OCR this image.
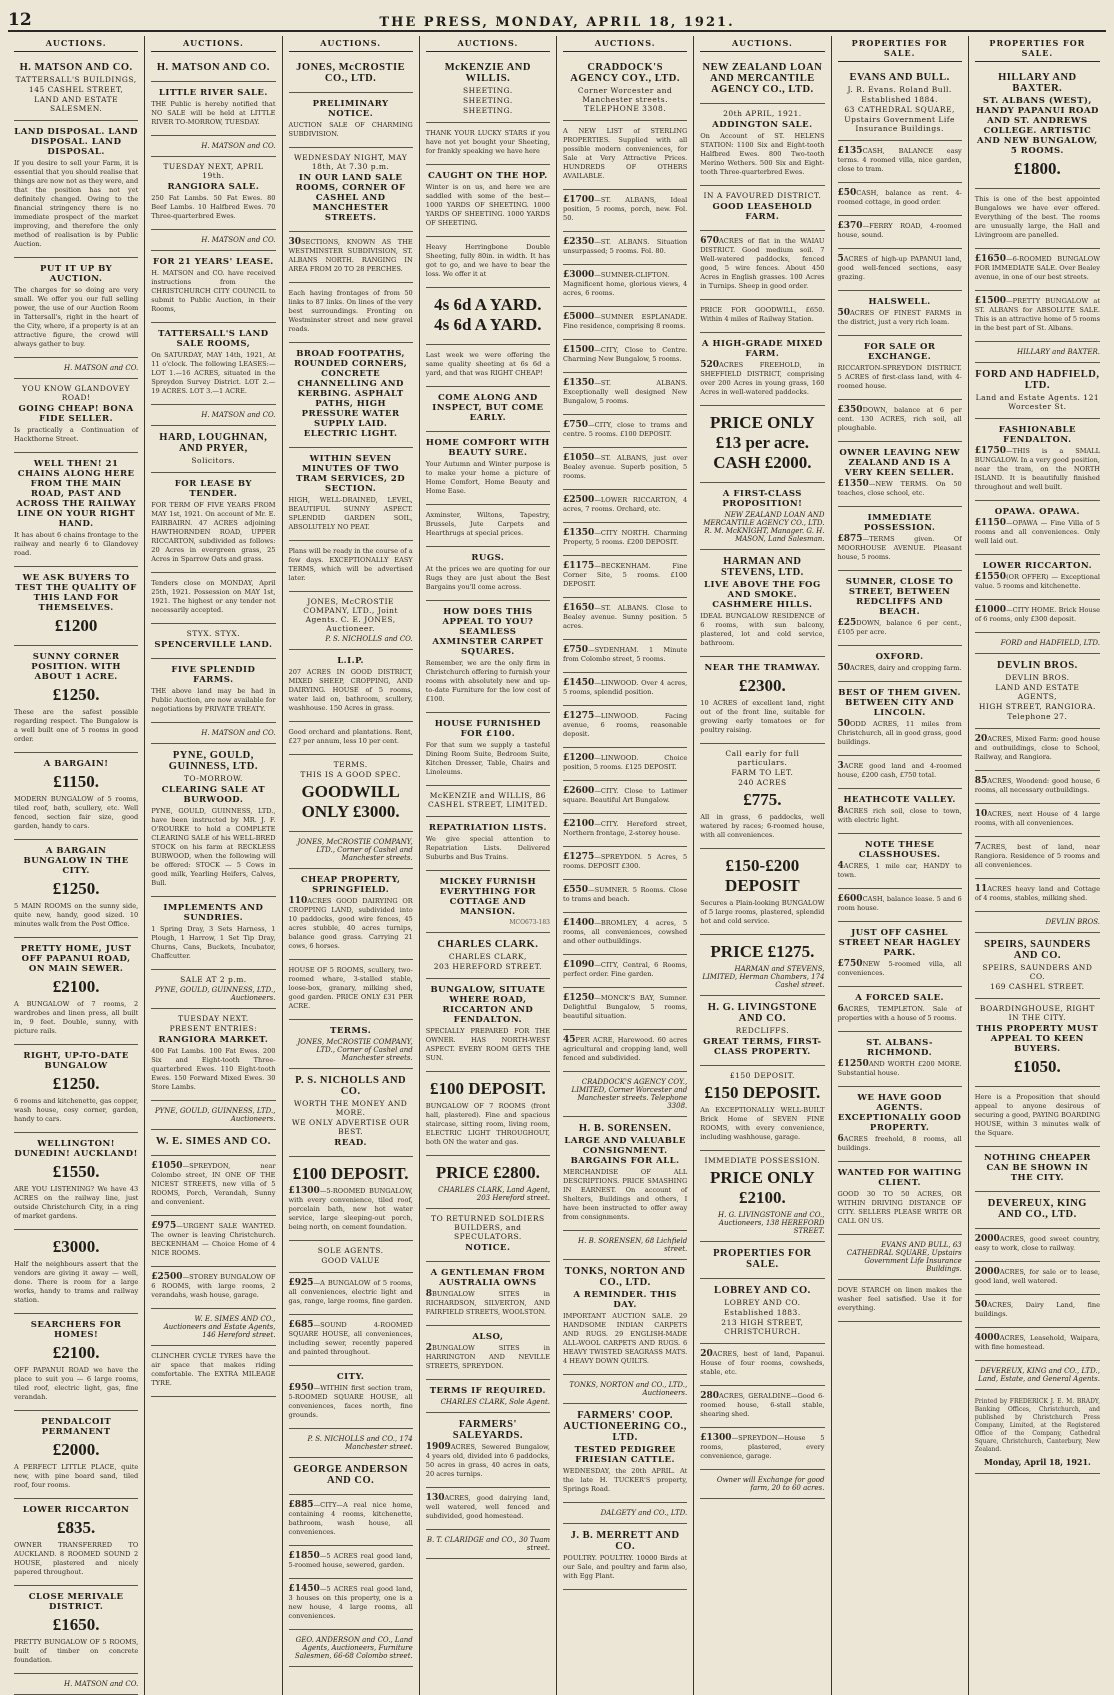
12	THE PRESS, MONDAY, APRIL 18, 1921.
AUCTIONS.
H. MATSON AND CO.
TATTERSALL'S BUILDINGS,
145 CASHEL STREET,
LAND AND ESTATE SALESMEN.
LAND DISPOSAL. LAND DISPOSAL. LAND DISPOSAL.
If you desire to sell your Farm, it is essential that you should realise that things are now not as they were, and that the position has not yet definitely changed. Owing to the financial stringency there is no immediate prospect of the market improving, and therefore the only method of realisation is by Public Auction.
PUT IT UP BY AUCTION.
The charges for so doing are very small. We offer you our full selling power, the use of our Auction Room in Tattersall's, right in the heart of the City, where, if a property is at an attractive figure, the crowd will always gather to buy.
H. MATSON and CO.
YOU KNOW GLANDOVEY ROAD!
GOING CHEAP! BONA FIDE SELLER.
Is practically a Continuation of Hackthorne Street.
WELL THEN! 21 CHAINS ALONG HERE FROM THE MAIN ROAD, PAST AND ACROSS THE RAILWAY LINE ON YOUR RIGHT HAND.
It has about 6 chains frontage to the railway and nearly 6 to Glandovey road.
WE ASK BUYERS TO TEST THE QUALITY OF THIS LAND FOR THEMSELVES.
£1200
SUNNY CORNER POSITION. WITH ABOUT 1 ACRE.
£1250.
These are the safest possible regarding respect. The Bungalow is a well built one of 5 rooms in good order.
A BARGAIN!
£1150.
MODERN BUNGALOW of 5 rooms, tiled roof, bath, scullery, etc. Well fenced, section fair size, good garden, handy to cars.
A BARGAIN BUNGALOW IN THE CITY.
£1250.
5 MAIN ROOMS on the sunny side, quite new, handy, good sized. 10 minutes walk from the Post Office.
PRETTY HOME, JUST OFF PAPANUI ROAD, ON MAIN SEWER.
£2100.
A BUNGALOW of 7 rooms, 2 wardrobes and linen press, all built in, 9 feet. Double, sunny, with picture rails.
RIGHT, UP-TO-DATE BUNGALOW
£1250.
6 rooms and kitchenette, gas copper, wash house, cosy corner, garden, handy to cars.
WELLINGTON! DUNEDIN! AUCKLAND!
£1550.
ARE YOU LISTENING? We have 43 ACRES on the railway line, just outside Christchurch City, in a ring of market gardens.
£3000.
Half the neighbours assert that the vendors are giving it away — well, done. There is room for a large works, handy to trams and railway station.
SEARCHERS FOR HOMES!
£2100.
OFF PAPANUI ROAD we have the place to suit you — 6 large rooms, tiled roof, electric light, gas, fine verandah.
PENDALCOIT PERMANENT
£2000.
A PERFECT LITTLE PLACE, quite new, with pine board sand, tiled roof, four rooms.
LOWER RICCARTON
£835.
OWNER TRANSFERRED TO AUCKLAND. 8 ROOMED SOUND 2 HOUSE, plastered and nicely papered throughout.
CLOSE MERIVALE DISTRICT.
£1650.
PRETTY BUNGALOW OF 5 ROOMS, built of timber on concrete foundation.
H. MATSON and CO.
AUCTIONS.
H. MATSON AND CO.
LITTLE RIVER SALE.
THE Public is hereby notified that NO SALE will be held at LITTLE RIVER TO-MORROW, TUESDAY.
H. MATSON and CO.
TUESDAY NEXT, APRIL 19th.
RANGIORA SALE.
250 Fat Lambs. 50 Fat Ewes. 80 Beef Lambs. 10 Halfbred Ewes. 70 Three-quarterbred Ewes.
H. MATSON and CO.
FOR 21 YEARS' LEASE.
H. MATSON and CO. have received instructions from the CHRISTCHURCH CITY COUNCIL to submit to Public Auction, in their Rooms,
TATTERSALL'S LAND SALE ROOMS,
On SATURDAY, MAY 14th, 1921, At 11 o'clock. The following LEASES:— LOT 1.—16 ACRES, situated in the Spreydon Survey District. LOT 2.—19 ACRES. LOT 3.—1 ACRE.
H. MATSON and CO.
HARD, LOUGHNAN, AND PRYER,
Solicitors.
FOR LEASE BY TENDER.
FOR TERM OF FIVE YEARS FROM MAY 1st, 1921. On account of Mr. E. FAIRBAIRN. 47 ACRES adjoining HAWTHORNDEN ROAD, UPPER RICCARTON, subdivided as follows: 20 Acres in evergreen grass, 25 Acres in Sparrow Oats and grass.
Tenders close on MONDAY, April 25th, 1921. Possession on MAY 1st, 1921. The highest or any tender not necessarily accepted.
STYX. STYX.
SPENCERVILLE LAND.
FIVE SPLENDID FARMS.
THE above land may be had in Public Auction, are now available for negotiations by PRIVATE TREATY.
H. MATSON and CO.
PYNE, GOULD, GUINNESS, LTD.
TO-MORROW.
CLEARING SALE AT BURWOOD.
PYNE, GOULD, GUINNESS, LTD., have been instructed by MR. J. F. O'ROURKE to hold a COMPLETE CLEARING SALE of his WELL-BRED STOCK on his farm at RECKLESS BURWOOD, when the following will be offered: STOCK — 5 Cows in good milk, Yearling Heifers, Calves, Bull.
IMPLEMENTS AND SUNDRIES.
1 Spring Dray, 3 Sets Harness, 1 Plough, 1 Harrow, 1 Set Tip Dray, Churns, Cans, Buckets, Incubator, Chaffcutter.
SALE AT 2 p.m.
PYNE, GOULD, GUINNESS, LTD., Auctioneers.
TUESDAY NEXT.
PRESENT ENTRIES:
RANGIORA MARKET.
400 Fat Lambs. 100 Fat Ewes. 200 Six and Eight-tooth Three-quarterbred Ewes. 110 Eight-tooth Ewes. 150 Forward Mixed Ewes. 30 Store Lambs.
PYNE, GOULD, GUINNESS, LTD., Auctioneers.
W. E. SIMES AND CO.
£1050—SPREYDON, near Colombo street, IN ONE OF THE NICEST STREETS, new villa of 5 ROOMS, Porch, Verandah, Sunny and convenient.
£975—URGENT SALE WANTED. The owner is leaving Christchurch. BECKENHAM — Choice Home of 4 NICE ROOMS.
£2500—STOREY BUNGALOW OF 6 ROOMS, with large rooms, 2 verandahs, wash house, garage.
W. E. SIMES AND CO., Auctioneers and Estate Agents, 146 Hereford street.
CLINCHER CYCLE TYRES have the air space that makes riding comfortable. The EXTRA MILEAGE TYRE.
AUCTIONS.
JONES, McCROSTIE CO., LTD.
PRELIMINARY NOTICE.
AUCTION SALE OF CHARMING SUBDIVISION.
WEDNESDAY NIGHT, MAY 18th, At 7.30 p.m.
IN OUR LAND SALE ROOMS, CORNER OF CASHEL AND MANCHESTER STREETS.
30SECTIONS, KNOWN AS THE WESTMINSTER SUBDIVISION, ST. ALBANS NORTH. RANGING IN AREA FROM 20 TO 28 PERCHES.
Each having frontages of from 50 links to 87 links. On lines of the very best surroundings. Fronting on Westminster street and new gravel roads.
BROAD FOOTPATHS, ROUNDED CORNERS, CONCRETE CHANNELLING AND KERBING. ASPHALT PATHS, HIGH PRESSURE WATER SUPPLY LAID. ELECTRIC LIGHT.
WITHIN SEVEN MINUTES OF TWO TRAM SERVICES, 2D SECTION.
HIGH, WELL-DRAINED, LEVEL, BEAUTIFUL SUNNY ASPECT. SPLENDID GARDEN SOIL, ABSOLUTELY NO PEAT.
Plans will be ready in the course of a few days. EXCEPTIONALLY EASY TERMS, which will be advertised later.
JONES, McCROSTIE COMPANY, LTD., Joint Agents. C. E. JONES, Auctioneer.
P. S. NICHOLLS and CO.
L.I.P.
207 ACRES IN GOOD DISTRICT, MIXED SHEEP, CROPPING, AND DAIRYING. HOUSE of 5 rooms, water laid on, bathroom, scullery, washhouse. 150 Acres in grass.
Good orchard and plantations. Rent, £27 per annum, less 10 per cent.
TERMS.
THIS IS A GOOD SPEC.
GOODWILL ONLY £3000.
JONES, McCROSTIE COMPANY, LTD., Corner of Cashel and Manchester streets.
CHEAP PROPERTY, SPRINGFIELD.
110ACRES GOOD DAIRYING OR CROPPING LAND, subdivided into 10 paddocks, good wire fences, 45 acres stubble, 40 acres turnips, balance good grass. Carrying 21 cows, 6 horses.
HOUSE OF 5 ROOMS, scullery, two-roomed whare, 3-stalled stable, loose-box, granary, milking shed, good garden. PRICE ONLY £31 PER ACRE.
TERMS.
JONES, McCROSTIE COMPANY, LTD., Corner of Cashel and Manchester streets.
P. S. NICHOLLS AND CO.
WORTH THE MONEY AND MORE.
WE ONLY ADVERTISE OUR BEST.
READ.
£100 DEPOSIT.
£1300—5-ROOMED BUNGALOW, with every convenience, tiled roof, porcelain bath, new hot water service, large sleeping-out porch, being north, on cement foundation.
SOLE AGENTS.
GOOD VALUE
£925—A BUNGALOW of 5 rooms, all conveniences, electric light and gas, range, large rooms, fine garden.
£685—SOUND 4-ROOMED SQUARE HOUSE, all conveniences, including sewer, recently papered and painted throughout.
CITY.
£950—WITHIN first section tram, 5-ROOMED SQUARE HOUSE, all conveniences, faces north, fine grounds.
P. S. NICHOLLS and CO., 174 Manchester street.
GEORGE ANDERSON AND CO.
£885—CITY—A real nice home, containing 4 rooms, kitchenette, bathroom, wash house, all conveniences.
£1850—5 ACRES real good land, 5-roomed house, sewered, garden.
£1450—5 ACRES real good land, 3 houses on this property, one is a new house, 4 large rooms, all conveniences.
GEO. ANDERSON and CO., Land Agents, Auctioneers, Furniture Salesmen, 66-68 Colombo street.
AUCTIONS.
McKENZIE AND WILLIS.
SHEETING.
SHEETING.
SHEETING.
THANK YOUR LUCKY STARS if you have not yet bought your Sheeting, for frankly speaking we have here
CAUGHT ON THE HOP.
Winter is on us, and here we are saddled with some of the best— 1000 YARDS OF SHEETING. 1000 YARDS OF SHEETING. 1000 YARDS OF SHEETING.
Heavy Herringbone Double Sheeting, fully 80in. in width. It has got to go, and we have to bear the loss. We offer it at
4s 6d A YARD. 4s 6d A YARD.
Last week we were offering the same quality sheeting at 6s 6d a yard, and that was RIGHT CHEAP!
COME ALONG AND INSPECT, BUT COME EARLY.
HOME COMFORT WITH BEAUTY SURE.
Your Autumn and Winter purpose is to make your home a picture of Home Comfort, Home Beauty and Home Ease.
Axminster, Wiltons, Tapestry, Brussels, Jute Carpets and Hearthrugs at special prices.
RUGS.
At the prices we are quoting for our Rugs they are just about the Best Bargains you'll come across.
HOW DOES THIS APPEAL TO YOU? SEAMLESS AXMINSTER CARPET SQUARES.
Remember, we are the only firm in Christchurch offering to furnish your rooms with absolutely new and up-to-date Furniture for the low cost of £100.
HOUSE FURNISHED FOR £100.
For that sum we supply a tasteful Dining Room Suite, Bedroom Suite, Kitchen Dresser, Table, Chairs and Linoleums.
McKENZIE and WILLIS, 86 CASHEL STREET, LIMITED.
REPATRIATION LISTS.
We give special attention to Repatriation Lists. Delivered Suburbs and Bus Trains.
MICKEY FURNISH EVERYTHING FOR COTTAGE AND MANSION.
MCO673-183
CHARLES CLARK.
CHARLES CLARK,
203 HEREFORD STREET.
BUNGALOW, SITUATE WHERE ROAD, RICCARTON AND FENDALTON.
SPECIALLY PREPARED FOR THE OWNER. HAS NORTH-WEST ASPECT. EVERY ROOM GETS THE SUN.
£100 DEPOSIT.
BUNGALOW OF 7 ROOMS (front hall, plastered). Fine and spacious staircase, sitting room, living room, ELECTRIC LIGHT THROUGHOUT, both ON the water and gas.
PRICE £2800.
CHARLES CLARK, Land Agent, 203 Hereford street.
TO RETURNED SOLDIERS BUILDERS, and SPECULATORS.
NOTICE.
A GENTLEMAN FROM AUSTRALIA OWNS
8BUNGALOW SITES in RICHARDSON, SILVERTON, AND FAIRFIELD STREETS, WOOLSTON.
ALSO,
2BUNGALOW SITES in HARRINGTON AND NEVILLE STREETS, SPREYDON.
TERMS IF REQUIRED.
CHARLES CLARK, Sole Agent.
FARMERS' SALEYARDS.
1909ACRES, Sewered Bungalow, 4 years old, divided into 6 paddocks, 50 acres in grass, 40 acres in oats, 20 acres turnips.
130ACRES, good dairying land, well watered, well fenced and subdivided, good homestead.
B. T. CLARIDGE and CO., 30 Tuam street.
AUCTIONS.
CRADDOCK'S AGENCY COY., LTD.
Corner Worcester and Manchester streets. TELEPHONE 3308.
A NEW LIST of STERLING PROPERTIES. Supplied with all possible modern conveniences, for Sale at Very Attractive Prices. HUNDREDS OF OTHERS AVAILABLE.
£1700—ST. ALBANS, Ideal position, 5 rooms, porch, new. Fol. 50.
£2350—ST. ALBANS. Situation unsurpassed; 5 rooms. Fol. 80.
£3000—SUMNER-CLIFTON. Magnificent home, glorious views, 4 acres, 6 rooms.
£5000—SUMNER ESPLANADE. Fine residence, comprising 8 rooms.
£1500—CITY, Close to Centre. Charming New Bungalow, 5 rooms.
£1350—ST. ALBANS. Exceptionally well designed New Bungalow, 5 rooms.
£750—CITY, close to trams and centre. 5 rooms. £100 DEPOSIT.
£1050—ST. ALBANS, just over Bealey avenue. Superb position, 5 rooms.
£2500—LOWER RICCARTON, 4 acres, 7 rooms. Orchard, etc.
£1350—CITY NORTH. Charming Property, 5 rooms. £200 DEPOSIT.
£1175—BECKENHAM. Fine Corner Site, 5 rooms. £100 DEPOSIT.
£1650—ST. ALBANS. Close to Bealey avenue. Sunny position. 5 acres.
£750—SYDENHAM. 1 Minute from Colombo street, 5 rooms.
£1450—LINWOOD. Over 4 acres, 5 rooms, splendid position.
£1275—LINWOOD. Facing avenue, 6 rooms, reasonable deposit.
£1200—LINWOOD. Choice position, 5 rooms. £125 DEPOSIT.
£2600—CITY. Close to Latimer square. Beautiful Art Bungalow.
£2100—CITY. Hereford street, Northern frontage, 2-storey house.
£1275—SPREYDON. 5 Acres, 5 rooms. DEPOSIT £300.
£550—SUMNER. 5 Rooms. Close to trams and beach.
£1400—BROMLEY, 4 acres, 5 rooms, all conveniences, cowshed and other outbuildings.
£1090—CITY, Central, 6 Rooms, perfect order. Fine garden.
£1250—MONCK'S BAY, Sumner. Delightful Bungalow, 5 rooms, beautiful situation.
45PER ACRE, Harewood. 60 acres agricultural and cropping land, well fenced and subdivided.
CRADDOCK'S AGENCY COY., LIMITED, Corner Worcester and Manchester streets. Telephone 3308.
H. B. SORENSEN.
LARGE AND VALUABLE CONSIGNMENT. BARGAINS FOR ALL.
MERCHANDISE OF ALL DESCRIPTIONS. PRICE SMASHING IN EARNEST. On account of Shelters, Buildings and others, I have been instructed to offer away from consignments.
H. B. SORENSEN, 68 Lichfield street.
TONKS, NORTON AND CO., LTD.
A REMINDER. THIS DAY.
IMPORTANT AUCTION SALE. 29 HANDSOME INDIAN CARPETS AND RUGS. 29 ENGLISH-MADE ALL-WOOL CARPETS AND RUGS. 6 HEAVY TWISTED SEAGRASS MATS. 4 HEAVY DOWN QUILTS.
TONKS, NORTON and CO., LTD., Auctioneers.
FARMERS' COOP. AUCTIONEERING CO., LTD.
TESTED PEDIGREE FRIESIAN CATTLE.
WEDNESDAY, the 20th APRIL. At the late H. TUCKER'S property, Springs Road.
DALGETY and CO., LTD.
J. B. MERRETT AND CO.
POULTRY. POULTRY. 10000 Birds at our Sale, and poultry and farm also, with Egg Plant.
AUCTIONS.
NEW ZEALAND LOAN AND MERCANTILE AGENCY CO., LTD.
20th APRIL, 1921.
ADDINGTON SALE.
On Account of ST. HELENS STATION: 1100 Six and Eight-tooth Halfbred Ewes. 800 Two-tooth Merino Wethers. 500 Six and Eight-tooth Three-quarterbred Ewes.
IN A FAVOURED DISTRICT.
GOOD LEASEHOLD FARM.
670ACRES of flat in the WAIAU DISTRICT. Good medium soil. 7 Well-watered paddocks, fenced good, 5 wire fences. About 450 Acres in English grasses. 100 Acres in Turnips. Sheep in good order.
PRICE FOR GOODWILL, £650. Within 4 miles of Railway Station.
A HIGH-GRADE MIXED FARM.
520ACRES FREEHOLD, in SHEFFIELD DISTRICT, comprising over 200 Acres in young grass, 160 Acres in well-watered paddocks.
PRICE ONLY £13 per acre. CASH £2000.
A FIRST-CLASS PROPOSITION!
NEW ZEALAND LOAN AND MERCANTILE AGENCY CO., LTD. R. M. McKNIGHT, Manager. G. H. MASON, Land Salesman.
HARMAN AND STEVENS, LTD.
LIVE ABOVE THE FOG AND SMOKE. CASHMERE HILLS.
IDEAL BUNGALOW RESIDENCE of 6 rooms, with sun balcony, plastered, lot and cold service, bathroom.
NEAR THE TRAMWAY.
£2300.
10 ACRES of excellent land, right out of the front line, suitable for growing early tomatoes or for poultry raising.
Call early for full particulars.
FARM TO LET.
240 ACRES
£775.
All in grass, 6 paddocks, well watered by races; 6-roomed house, with all conveniences.
£150-£200 DEPOSIT
Secures a Plain-looking BUNGALOW of 5 large rooms, plastered, splendid hot and cold service.
PRICE £1275.
HARMAN and STEVENS, LIMITED, Herman Chambers, 174 Cashel street.
H. G. LIVINGSTONE AND CO.
REDCLIFFS.
GREAT TERMS, FIRST-CLASS PROPERTY.
£150 DEPOSIT.
£150 DEPOSIT.
An EXCEPTIONALLY WELL-BUILT Brick Home of SEVEN FINE ROOMS, with every convenience, including washhouse, garage.
IMMEDIATE POSSESSION.
PRICE ONLY £2100.
H. G. LIVINGSTONE and CO., Auctioneers, 138 HEREFORD STREET.
PROPERTIES FOR SALE.
LOBREY AND CO.
LOBREY AND CO.
Established 1883.
213 HIGH STREET, CHRISTCHURCH.
20ACRES, best of land, Papanui. House of four rooms, cowsheds, stable, etc.
280ACRES, GERALDINE—Good 6-roomed house, 6-stall stable, shearing shed.
£1300—SPREYDON—House 5 rooms, plastered, every convenience, garage.
Owner will Exchange for good farm, 20 to 60 acres.
PROPERTIES FOR SALE.
EVANS AND BULL.
J. R. Evans. Roland Bull.
Established 1884.
63 CATHEDRAL SQUARE,
Upstairs Government Life Insurance Buildings.
£135CASH, BALANCE easy terms. 4 roomed villa, nice garden, close to tram.
£50CASH, balance as rent. 4-roomed cottage, in good order.
£370—FERRY ROAD, 4-roomed house, sound.
5ACRES of high-up PAPANUI land, good well-fenced sections, easy grazing.
HALSWELL.
50ACRES OF FINEST FARMS in the district, just a very rich loam.
FOR SALE OR EXCHANGE.
RICCARTON-SPREYDON DISTRICT. 5 ACRES of first-class land, with 4-roomed house.
£350DOWN, balance at 6 per cent. 130 ACRES, rich soil, all ploughable.
OWNER LEAVING NEW ZEALAND AND IS A VERY KEEN SELLER.
£1350—NEW TERMS. On 50 teaches, close school, etc.
IMMEDIATE POSSESSION.
£875—TERMS given. Of MOORHOUSE AVENUE. Pleasant house, 5 rooms.
SUMNER, CLOSE TO STREET, BETWEEN REDCLIFFS AND BEACH.
£25DOWN, balance 6 per cent., £105 per acre.
OXFORD.
50ACRES, dairy and cropping farm.
BEST OF THEM GIVEN. BETWEEN CITY AND LINCOLN.
50ODD ACRES, 11 miles from Christchurch, all in good grass, good buildings.
3ACRE good land and 4-roomed house, £200 cash, £750 total.
HEATHCOTE VALLEY.
8ACRES rich soil, close to town, with electric light.
NOTE THESE CLASSHOUSES.
4ACRES, 1 mile car, HANDY to town.
£600CASH, balance lease. 5 and 6 room house.
JUST OFF CASHEL STREET NEAR HAGLEY PARK.
£750NEW 5-roomed villa, all conveniences.
A FORCED SALE.
6ACRES, TEMPLETON. Sale of properties with a house of 5 rooms.
ST. ALBANS-RICHMOND.
£1250AND WORTH £200 MORE. Substantial house.
WE HAVE GOOD AGENTS. EXCEPTIONALLY GOOD PROPERTY.
6ACRES freehold, 8 rooms, all buildings.
WANTED FOR WAITING CLIENT.
GOOD 30 TO 50 ACRES, OR WITHIN DRIVING DISTANCE OF CITY. SELLERS PLEASE WRITE OR CALL ON US.
EVANS AND BULL, 63 CATHEDRAL SQUARE, Upstairs Government Life Insurance Buildings.
DOVE STARCH on linen makes the washer feel satisfied. Use it for everything.
PROPERTIES FOR SALE.
HILLARY AND BAXTER.
ST. ALBANS (WEST), HANDY PAPANUI ROAD AND ST. ANDREWS COLLEGE. ARTISTIC AND NEW BUNGALOW, 5 ROOMS.
£1800.
This is one of the best appointed Bungalows we have ever offered. Everything of the best. The rooms are unusually large, the Hall and Livingroom are panelled.
£1650—6-ROOMED BUNGALOW FOR IMMEDIATE SALE. Over Bealey avenue, in one of our best streets.
£1500—PRETTY BUNGALOW at ST. ALBANS for ABSOLUTE SALE. This is an attractive home of 5 rooms in the best part of St. Albans.
HILLARY and BAXTER.
FORD AND HADFIELD, LTD.
Land and Estate Agents. 121 Worcester St.
FASHIONABLE FENDALTON.
£1750—THIS is a SMALL BUNGALOW. In a very good position, near the tram, on the NORTH ISLAND. It is beautifully finished throughout and well built.
OPAWA. OPAWA.
£1150—OPAWA — Fine Villa of 5 rooms and all conveniences. Only well laid out.
LOWER RICCARTON.
£1550(OR OFFER) — Exceptional value. 5 rooms and kitchenette.
£1000—CITY HOME. Brick House of 6 rooms, only £300 deposit.
FORD and HADFIELD, LTD.
DEVLIN BROS.
DEVLIN BROS.
LAND AND ESTATE AGENTS,
HIGH STREET, RANGIORA.
Telephone 27.
20ACRES, Mixed Farm: good house and outbuildings, close to School, Railway, and Rangiora.
85ACRES, Woodend: good house, 6 rooms, all necessary outbuildings.
10ACRES, next House of 4 large rooms, with all conveniences.
7ACRES, best of land, near Rangiora. Residence of 5 rooms and all conveniences.
11ACRES heavy land and Cottage of 4 rooms, stables, milking shed.
DEVLIN BROS.
SPEIRS, SAUNDERS AND CO.
SPEIRS, SAUNDERS AND CO.
169 CASHEL STREET.
BOARDINGHOUSE, RIGHT IN THE CITY.
THIS PROPERTY MUST APPEAL TO KEEN BUYERS.
£1050.
Here is a Proposition that should appeal to anyone desirous of securing a good, PAYING BOARDING HOUSE, within 3 minutes walk of the Square.
NOTHING CHEAPER CAN BE SHOWN IN THE CITY.
DEVEREUX, KING AND CO., LTD.
2000ACRES, good sweet country, easy to work, close to railway.
2000ACRES, for sale or to lease, good land, well watered.
50ACRES, Dairy Land, fine buildings.
4000ACRES, Leasehold, Waipara, with fine homestead.
DEVEREUX, KING and CO., LTD., Land, Estate, and General Agents.
Printed by FREDERICK J. E. M. BRADY, Banking Offices, Christchurch, and published by Christchurch Press Company, Limited, at the Registered Office of the Company, Cathedral Square, Christchurch, Canterbury, New Zealand.
Monday, April 18, 1921.
